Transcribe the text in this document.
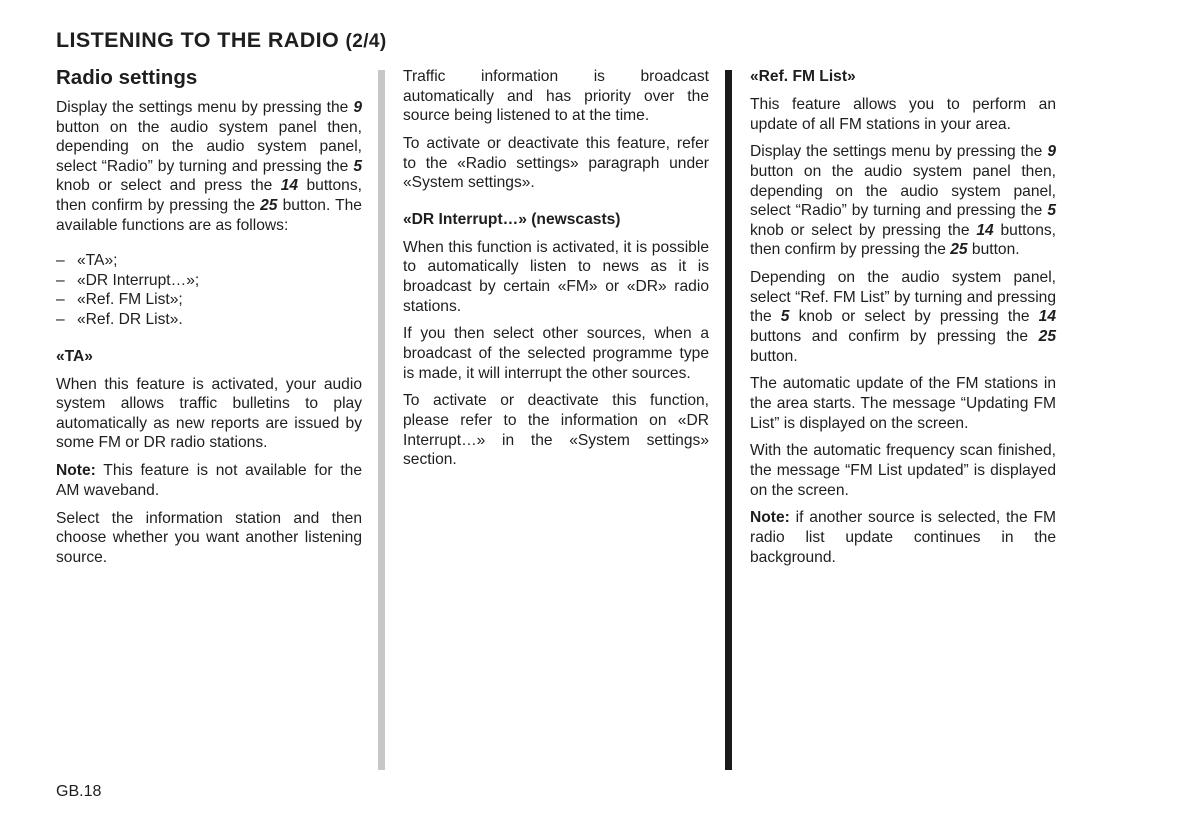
LISTENING TO THE RADIO (2/4)
Radio settings

Display the settings menu by pressing the 9 button on the audio system panel then, depending on the audio system panel, select “Radio” by turning and pressing the 5 knob or select and press the 14 buttons, then confirm by pressing the 25 button. The available functions are as follows:

– «TA»;
– «DR Interrupt…»;
– «Ref. FM List»;
– «Ref. DR List».
«TA»

When this feature is activated, your audio system allows traffic bulletins to play automatically as new reports are issued by some FM or DR radio stations.

Note: This feature is not available for the AM waveband.

Select the information station and then choose whether you want another listening source.

Traffic information is broadcast automatically and has priority over the source being listened to at the time.

To activate or deactivate this feature, refer to the «Radio settings» paragraph under «System settings».

«DR Interrupt…» (newscasts)

When this function is activated, it is possible to automatically listen to news as it is broadcast by certain «FM» or «DR» radio stations.

If you then select other sources, when a broadcast of the selected programme type is made, it will interrupt the other sources.

To activate or deactivate this function, please refer to the information on «DR Interrupt…» in the «System settings» section.

«Ref. FM List»

This feature allows you to perform an update of all FM stations in your area.

Display the settings menu by pressing the 9 button on the audio system panel then, depending on the audio system panel, select “Radio” by turning and pressing the 5 knob or select by pressing the 14 buttons, then confirm by pressing the 25 button.

Depending on the audio system panel, select “Ref. FM List” by turning and pressing the 5 knob or select by pressing the 14 buttons and confirm by pressing the 25 button.

The automatic update of the FM stations in the area starts. The message “Updating FM List” is displayed on the screen.

With the automatic frequency scan finished, the message “FM List updated” is displayed on the screen.

Note: if another source is selected, the FM radio list update continues in the background.

GB.18
